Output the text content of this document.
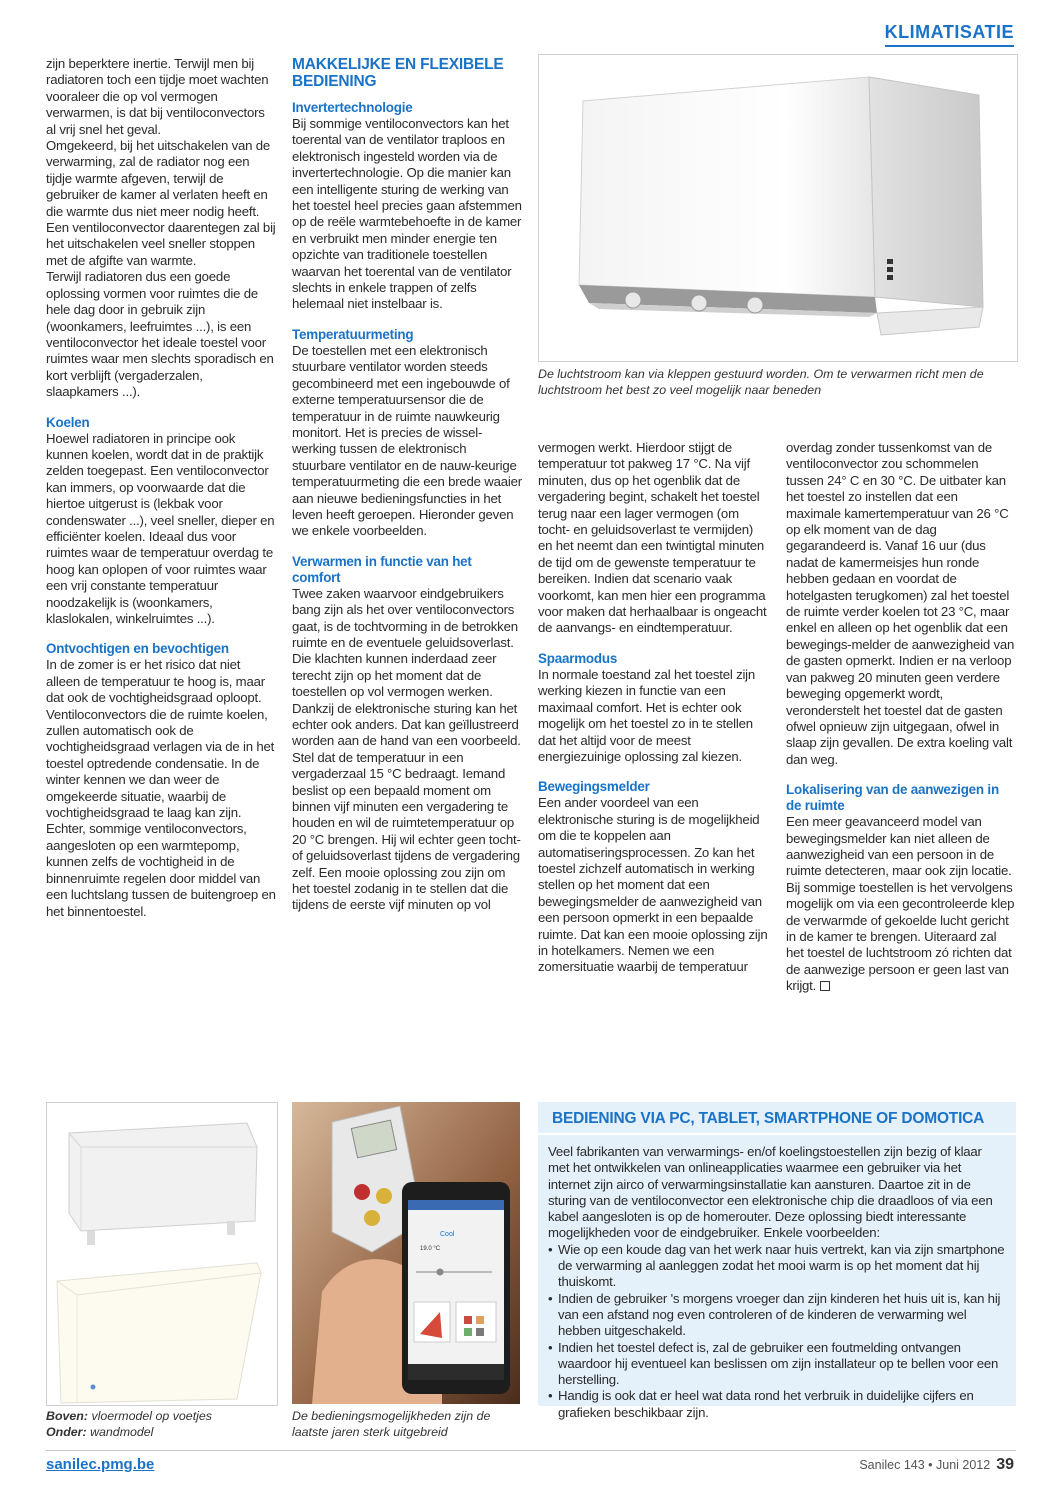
KLIMATISATIE

zijn beperktere inertie. Terwijl men bij radiatoren toch een tijdje moet wachten vooraleer die op vol vermogen verwarmen, is dat bij ventiloconvectors al vrij snel het geval.

Omgekeerd, bij het uitschakelen van de verwarming, zal de radiator nog een tijdje warmte afgeven, terwijl de gebruiker de kamer al verlaten heeft en die warmte dus niet meer nodig heeft. Een ventiloconvector daarentegen zal bij het uitschakelen veel sneller stoppen met de afgifte van warmte.

Terwijl radiatoren dus een goede oplossing vormen voor ruimtes die de hele dag door in gebruik zijn (woonkamers, leefruimtes ...), is een ventiloconvector het ideale toestel voor ruimtes waar men slechts sporadisch en kort verblijft (vergaderzalen, slaapkamers ...).

Koelen

Hoewel radiatoren in principe ook kunnen koelen, wordt dat in de praktijk zelden toegepast. Een ventiloconvector kan immers, op voorwaarde dat die hiertoe uitgerust is (lekbak voor condenswater ...), veel sneller, dieper en efficiënter koelen. Ideaal dus voor ruimtes waar de temperatuur overdag te hoog kan oplopen of voor ruimtes waar een vrij constante temperatuur noodzakelijk is (woonkamers, klaslokalen, winkelruimtes ...).

Ontvochtigen en bevochtigen

In de zomer is er het risico dat niet alleen de temperatuur te hoog is, maar dat ook de vochtigheidsgraad oploopt.

Ventiloconvectors die de ruimte koelen, zullen automatisch ook de vochtigheidsgraad verlagen via de in het toestel optredende condensatie. In de winter kennen we dan weer de omgekeerde situatie, waarbij de vochtigheidsgraad te laag kan zijn.

Echter, sommige ventiloconvectors, aangesloten op een warmtepomp, kunnen zelfs de vochtigheid in de binnenruimte regelen door middel van een luchtslang tussen de buitengroep en het binnentoestel.

MAKKELIJKE EN FLEXIBELE BEDIENING
Invertertechnologie

Bij sommige ventiloconvectors kan het toerental van de ventilator traploos en elektronisch ingesteld worden via de invertertechnologie. Op die manier kan een intelligente sturing de werking van het toestel heel precies gaan afstemmen op de reële warmtebehoefte in de kamer en verbruikt men minder energie ten opzichte van traditionele toestellen waarvan het toerental van de ventilator slechts in enkele trappen of zelfs helemaal niet instelbaar is.

Temperatuurmeting

De toestellen met een elektronisch stuurbare ventilator worden steeds gecombineerd met een ingebouwde of externe temperatuursensor die de temperatuur in de ruimte nauwkeurig monitort. Het is precies de wissel-werking tussen de elektronisch stuurbare ventilator en de nauw-keurige temperatuurmeting die een brede waaier aan nieuwe bedieningsfuncties in het leven heeft geroepen. Hieronder geven we enkele voorbeelden.

Verwarmen in functie van het comfort

Twee zaken waarvoor eindgebruikers bang zijn als het over ventiloconvectors gaat, is de tochtvorming in de betrokken ruimte en de eventuele geluidsoverlast. Die klachten kunnen inderdaad zeer terecht zijn op het moment dat de toestellen op vol vermogen werken. Dankzij de elektronische sturing kan het echter ook anders. Dat kan geïllustreerd worden aan de hand van een voorbeeld. Stel dat de temperatuur in een vergaderzaal 15 °C bedraagt. Iemand beslist op een bepaald moment om binnen vijf minuten een vergadering te houden en wil de ruimtetemperatuur op 20 °C brengen. Hij wil echter geen tocht- of geluidsoverlast tijdens de vergadering zelf. Een mooie oplossing zou zijn om het toestel zodanig in te stellen dat die tijdens de eerste vijf minuten op vol

De luchtstroom kan via kleppen gestuurd worden. Om te verwarmen richt men de luchtstroom het best zo veel mogelijk naar beneden

vermogen werkt. Hierdoor stijgt de temperatuur tot pakweg 17 °C. Na vijf minuten, dus op het ogenblik dat de vergadering begint, schakelt het toestel terug naar een lager vermogen (om tocht- en geluidsoverlast te vermijden) en het neemt dan een twintigtal minuten de tijd om de gewenste temperatuur te bereiken. Indien dat scenario vaak voorkomt, kan men hier een programma voor maken dat herhaalbaar is ongeacht de aanvangs- en eindtemperatuur.

Spaarmodus

In normale toestand zal het toestel zijn werking kiezen in functie van een maximaal comfort. Het is echter ook mogelijk om het toestel zo in te stellen dat het altijd voor de meest energiezuinige oplossing zal kiezen.

Bewegingsmelder

Een ander voordeel van een elektronische sturing is de mogelijkheid om die te koppelen aan automatiseringsprocessen. Zo kan het toestel zichzelf automatisch in werking stellen op het moment dat een bewegingsmelder de aanwezigheid van een persoon opmerkt in een bepaalde ruimte. Dat kan een mooie oplossing zijn in hotelkamers. Nemen we een zomersituatie waarbij de temperatuur

overdag zonder tussenkomst van de ventiloconvector zou schommelen tussen 24° C en 30 °C. De uitbater kan het toestel zo instellen dat een maximale kamertemperatuur van 26 °C op elk moment van de dag gegarandeerd is. Vanaf 16 uur (dus nadat de kamermeisjes hun ronde hebben gedaan en voordat de hotelgasten terugkomen) zal het toestel de ruimte verder koelen tot 23 °C, maar enkel en alleen op het ogenblik dat een bewegings-melder de aanwezigheid van de gasten opmerkt. Indien er na verloop van pakweg 20 minuten geen verdere beweging opgemerkt wordt, veronderstelt het toestel dat de gasten ofwel opnieuw zijn uitgegaan, ofwel in slaap zijn gevallen. De extra koeling valt dan weg.

Lokalisering van de aanwezigen in de ruimte

Een meer geavanceerd model van bewegingsmelder kan niet alleen de aanwezigheid van een persoon in de ruimte detecteren, maar ook zijn locatie. Bij sommige toestellen is het vervolgens mogelijk om via een gecontroleerde klep de verwarmde of gekoelde lucht gericht in de kamer te brengen. Uiteraard zal het toestel de luchtstroom zó richten dat de aanwezige persoon er geen last van krijgt.

Boven: vloermodel op voetjes
Onder: wandmodel
Cool
19.0 °C
De bedieningsmogelijkheden zijn de laatste jaren sterk uitgebreid
BEDIENING VIA PC, TABLET, SMARTPHONE OF DOMOTICA

Veel fabrikanten van verwarmings- en/of koelingstoestellen zijn bezig of klaar met het ontwikkelen van onlineapplicaties waarmee een gebruiker via het internet zijn airco of verwarmingsinstallatie kan aansturen. Daartoe zit in de sturing van de ventiloconvector een elektronische chip die draadloos of via een kabel aangesloten is op de homerouter. Deze oplossing biedt interessante mogelijkheden voor de eindgebruiker. Enkele voorbeelden:

• Wie op een koude dag van het werk naar huis vertrekt, kan via zijn smartphone de verwarming al aanleggen zodat het mooi warm is op het moment dat hij thuiskomt.
• Indien de gebruiker 's morgens vroeger dan zijn kinderen het huis uit is, kan hij van een afstand nog even controleren of de kinderen de verwarming wel hebben uitgeschakeld.
• Indien het toestel defect is, zal de gebruiker een foutmelding ontvangen waardoor hij eventueel kan beslissen om zijn installateur op te bellen voor een herstelling.
• Handig is ook dat er heel wat data rond het verbruik in duidelijke cijfers en grafieken beschikbaar zijn.
sanilec.pmg.be	Sanilec 143 • Juni 2012 39
